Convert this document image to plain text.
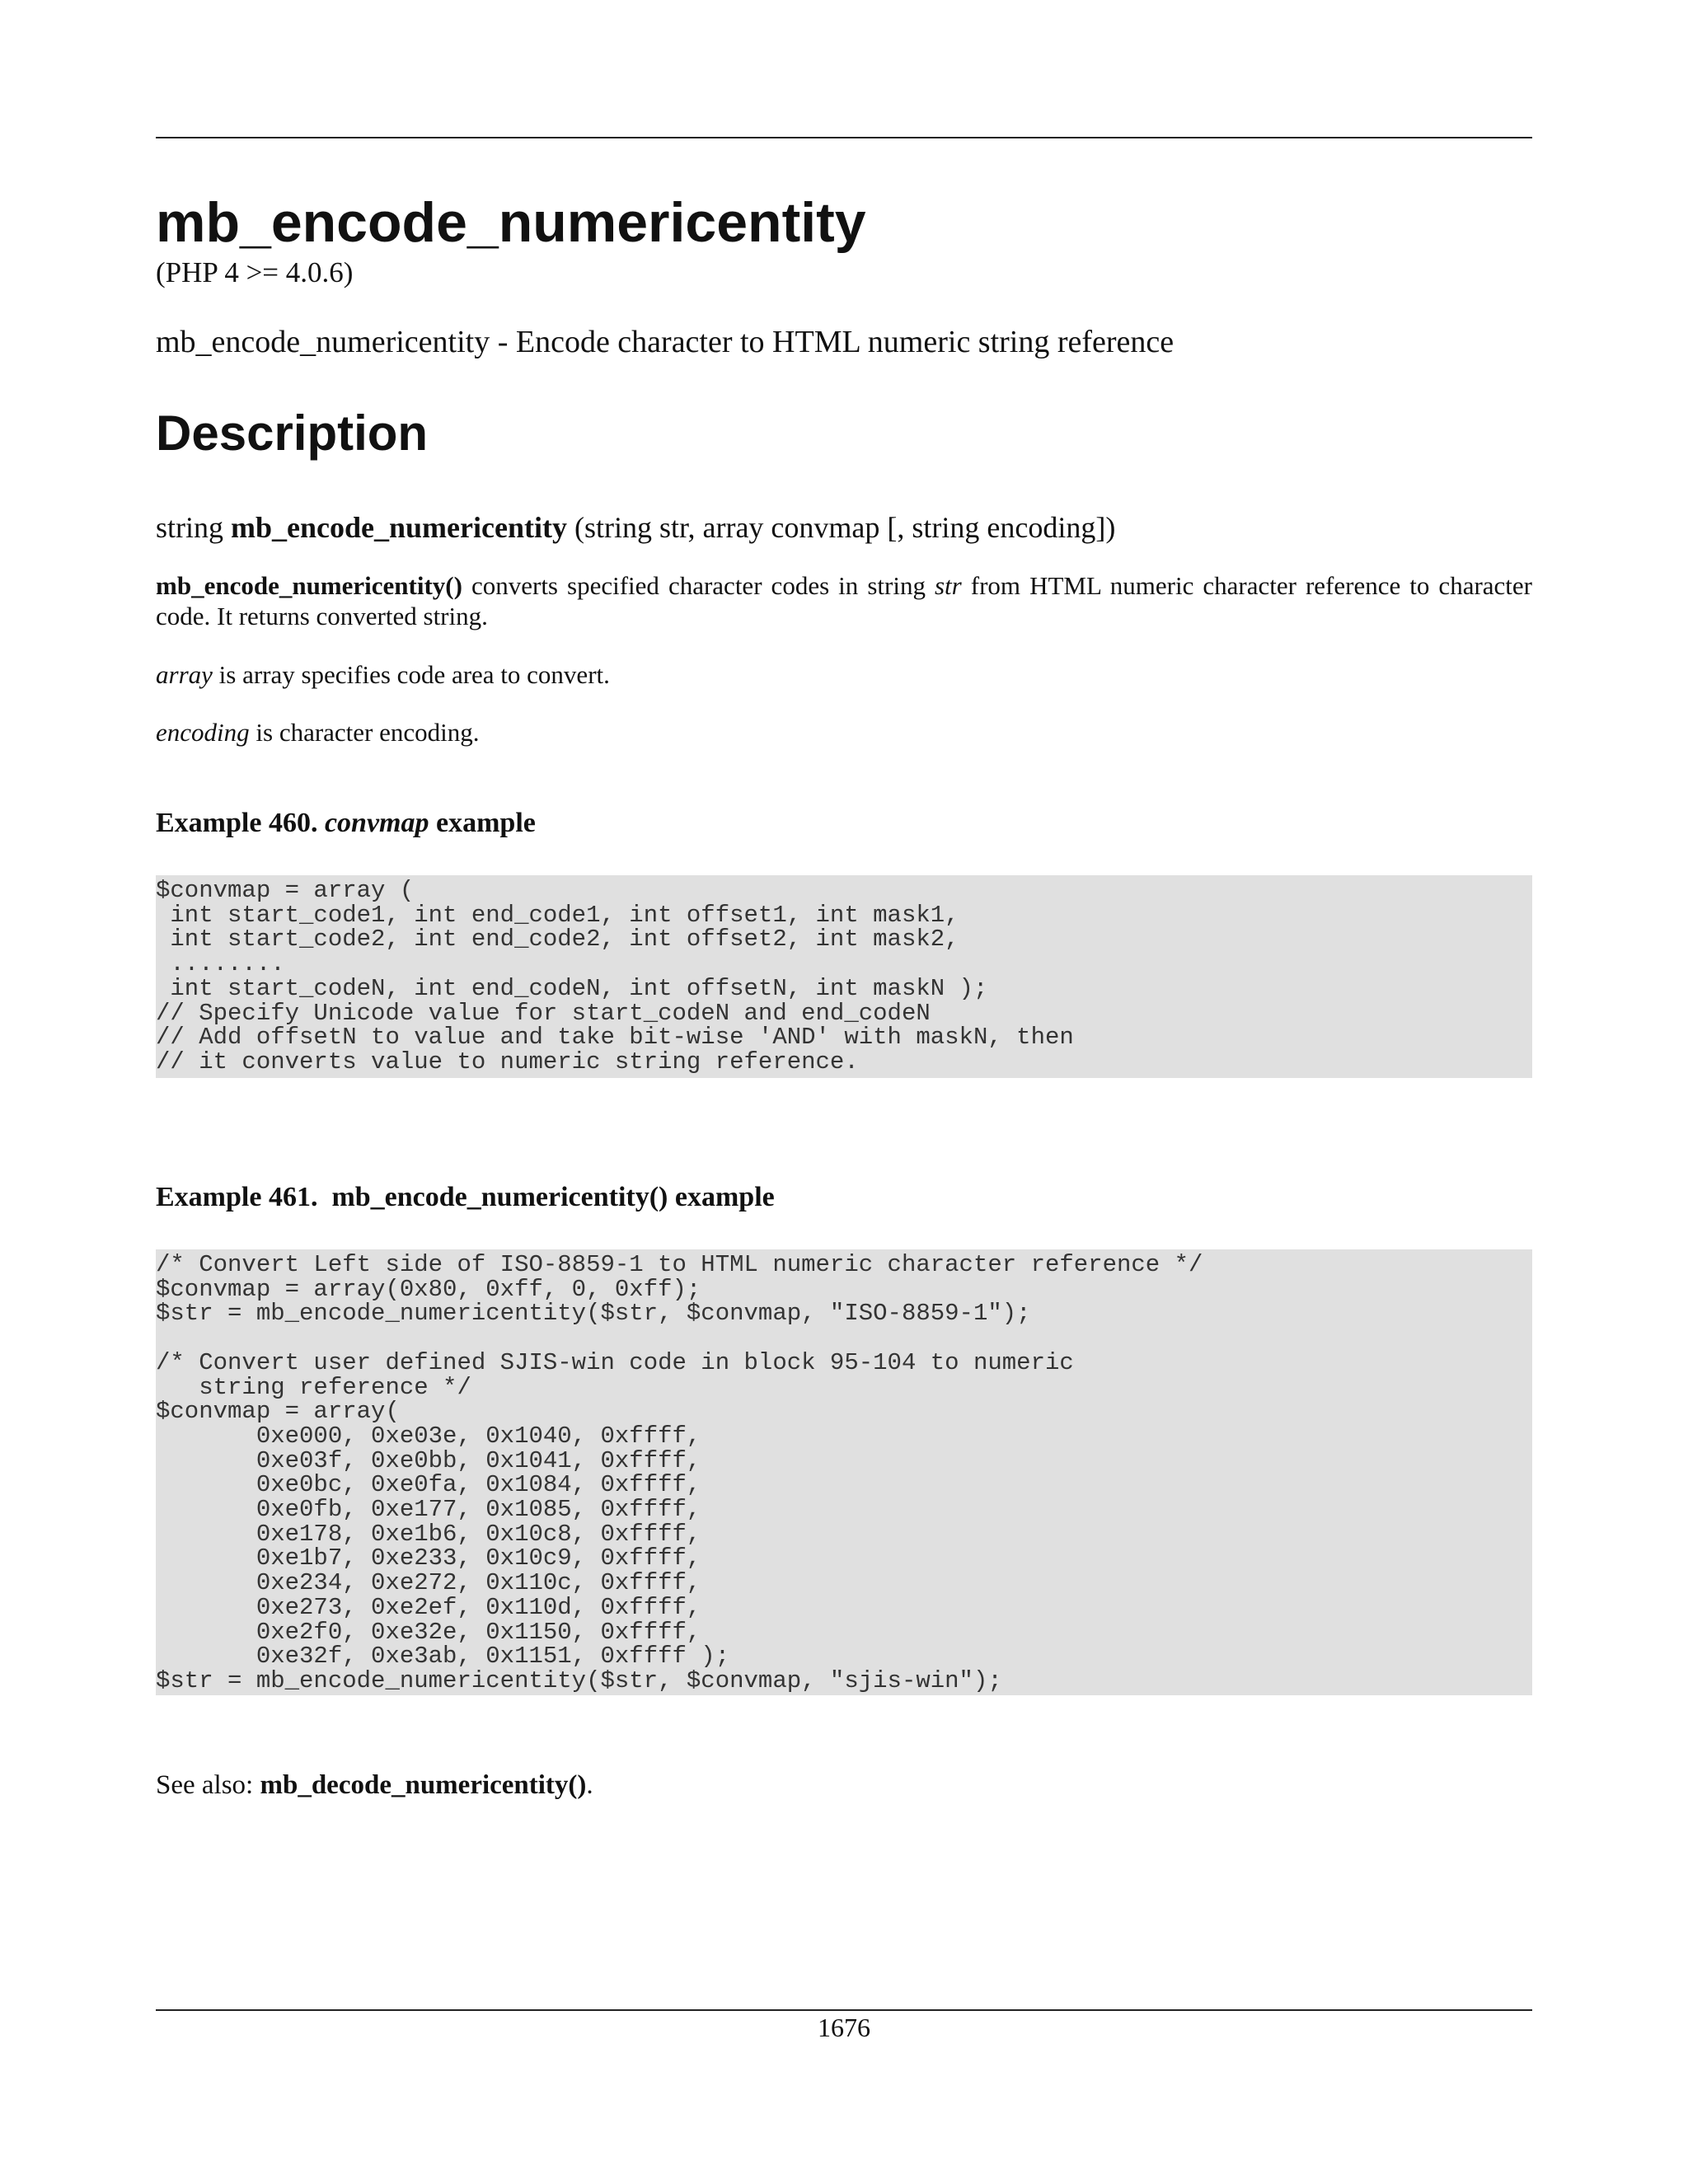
mb_encode_numericentity
(PHP 4 >= 4.0.6)
mb_encode_numericentity - Encode character to HTML numeric string reference
Description
string mb_encode_numericentity (string str, array convmap [, string encoding])
mb_encode_numericentity() converts specified character codes in string str from HTML numeric character reference to character code. It returns converted string.
array is array specifies code area to convert.
encoding is character encoding.
Example 460. convmap example
$convmap = array (
int start_code1, int end_code1, int offset1, int mask1,
int start_code2, int end_code2, int offset2, int mask2,
........
int start_codeN, int end_codeN, int offsetN, int maskN );
// Specify Unicode value for start_codeN and end_codeN
// Add offsetN to value and take bit-wise 'AND' with maskN, then
// it converts value to numeric string reference.
Example 461. mb_encode_numericentity() example
/* Convert Left side of ISO-8859-1 to HTML numeric character reference */
$convmap = array(0x80, 0xff, 0, 0xff);
$str = mb_encode_numericentity($str, $convmap, "ISO-8859-1");

/* Convert user defined SJIS-win code in block 95-104 to numeric
string reference */
$convmap = array(
0xe000, 0xe03e, 0x1040, 0xffff,
0xe03f, 0xe0bb, 0x1041, 0xffff,
0xe0bc, 0xe0fa, 0x1084, 0xffff,
0xe0fb, 0xe177, 0x1085, 0xffff,
0xe178, 0xe1b6, 0x10c8, 0xffff,
0xe1b7, 0xe233, 0x10c9, 0xffff,
0xe234, 0xe272, 0x110c, 0xffff,
0xe273, 0xe2ef, 0x110d, 0xffff,
0xe2f0, 0xe32e, 0x1150, 0xffff,
0xe32f, 0xe3ab, 0x1151, 0xffff );
$str = mb_encode_numericentity($str, $convmap, "sjis-win");
See also: mb_decode_numericentity().
1676
